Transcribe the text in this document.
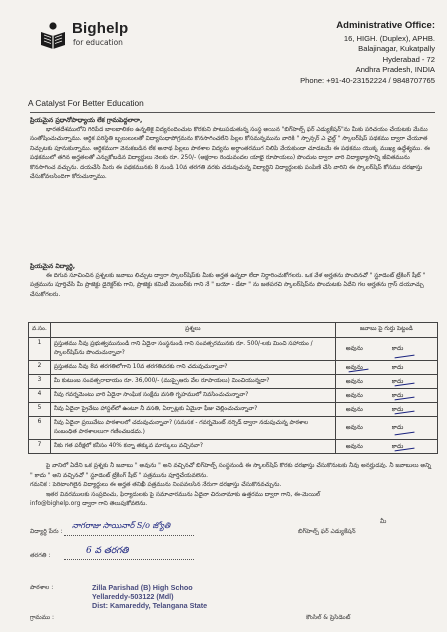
Bighelp
for education
A Catalyst For Better Education
Administrative Office:
16, HIGH. (Duplex), APHB.
Balajinagar, Kukatpally
Hyderabad - 72
Andhra Pradesh, INDIA
Phone: +91-40-23152224 / 9848707765
ప్రియమైన ప్రధానోపాధ్యాయ లేక గ్రామపెద్దలారా,
భారతదేశములోని గిరిపేద బాలబాలికల ఉన్నతికై విద్యనందించుట కొరకుని పాటుపడుతున్న సంస్థ అయిన "బిగ్‌హెల్ప్ ఫర్ ఎడ్యుకేషన్"ను మీకు పరిచయం చేయటకు మేము సంతోషించుచున్నాము. ఆర్థిక పరిస్థితి బ్బలులులతో విద్యాసుధాపోగ్రమను కొనసాగించలేని పిల్లల కోసమన్నమును వారికి " స్పాన్సర్ ఎ చైల్డ్ " స్కాలర్‌షిప్ పథకము ద్వారా చేయూత నిచ్చుటకు పూనుకున్నాము. ఆర్థికముగా వెనుకబడిన లేక అనాథ పిల్లలు పాఠశాల విద్యను అర్ధాంతరముగ నిలిపి వేయకుండా చూడటమే ఈ పథకము యొక్క ముఖ్య ఉద్దేశ్యము. ఈ పథకములో తగిన అర్హతలతో ఎన్నుకోబడిన విద్యార్థులు నెలకు రూ. 250/- (అక్షరాల రెండువందల యాభై రూపాయలు) పొందుట ద్వారా వారి విద్యాభ్యాసాన్ని జీవితమును కొనసాగించ వచ్చును. దయచేసి మీరు ఈ పథకమునకు 8 నుండి 10వ తరగతి వరకు చదువుచున్న విద్యార్థిని విద్యార్థులకు పంపిణి చేసి వారిని ఈ స్కాలర్‌షిప్ కోసము దరఖాస్తు చేసుకోవలసిందిగా కోరుచున్నాము.
ప్రియమైన విద్యార్థి,
ఈ దిగువ సూచించిన ప్రశ్నలకు జవాబు లిచ్చుట ద్వారా స్కాలర్‌షిప్‌కు మీకు అర్హత ఉన్నదా లేదా నిర్ధారించుకోగలరు. ఒక వేళ అర్హతను పొందినచో " స్టూడెంట్ ట్రేకింగ్ షీట్ " పత్రమును పూర్తిచేసి మీ ప్రాజెక్టు డైరెక్టర్‌కు గాని, ప్రాజెక్టు కమిటీ మెంబర్‌కు గాని నే " బయో - డేటా " ను జతపరచి స్కాలర్‌షిప్‌ను పొందుటకు ఏదేని గల అర్హతను గ్రాస్ దయూచ్చు చేసుకోగలరు.
వ.సం.	ప్రశ్నలు	జవాబు పై గుర్తు పెట్టండి
1	ప్రస్తుతము నీవు ప్రభుత్వమునుండి గాని ఏదైనా సంస్థనుండి గాని సంవత్సరమునకు రూ. 500/-లకు మించి సహాయం / స్కాలర్‌షిప్‌ను పొందుచున్నావా?	అవును కాదు

2	ప్రస్తుతము నీవు 8వ తరగతిలోగాని 10వ తరగతివరకు గాని చదువుచున్నావా?	అవును కాదు

3	మీ కుటుంబ సంవత్సరాదాయం రూ. 36,000/- (ముప్పైఆరు వేల రూపాయలు) మించియున్నదా?	అవును కాదు

4	నీవు గవర్నమెంటు వారి ఏదైనా సాంఘిక సంక్షేమ వసతి గృహములో నివసించుచున్నావా?	అవును కాదు

5	నీవు ఏదైనా ప్రైవేటు హాస్టల్‌లో ఉంటూ నీ వసతి, ఏర్పాట్లకు ఏమైనా ఫీజు చెల్లించుచున్నావా?	అవును కాదు

6	నీవు ఏదైనా ప్రయివేటు పాఠశాలలో చదువుచున్నావా? (సమసక - గవర్నమెంట్ నర్సెడ్‌ ద్వారా నడుపుచున్న పాఠశాల సంబంధిత పాఠశాలలుగా గణించబడదు.)	అవును కాదు

7	నీకు గత పరీక్షలో కనీసం 40% కన్నా తక్కువ మార్కులు వచ్చినవా?	అవును కాదు
పై వానిలో ఏదేని ఒక ప్రశ్నకు నీ జవాబు " అవును " అని వచ్చినచో బిగ్‌హెల్ప్ సంస్థనుండి ఈ స్కాలర్‌షిప్ కొరకు దరఖాస్తు చేసుకొనుటకు నీవు అనర్హుడవు. నీ జవాబులు అన్ని " కాదు " అని వచ్చినచో " స్టూడెంట్ ట్రేకింగ్ షీట్ " పత్రమును పూర్తిచేయవలెను.
గమనిక : పెరిటాంగిలైన విద్యార్థులు ఈ అర్హత తనిఖీ పత్రమును నింపవలసిన నేరుగా దరఖాస్తు చేసుకొనవచ్చును.
ఇతర వివరములకు సంప్రదించు, ఫిర్యాదులకు పై సమాచారమును ఏదైనా చిరునామాకు ఉత్తరము ద్వారా గాని, ఈ-మెయిల్
info@bighelp.org ద్వారా గాని తెలుపుకోవలెను.
విద్యార్థి పేరు :
నాగరాజు సాయినార్ S/o జ్యోతి
తరగతి :	6 వ తరగతి
పాఠశాల :
గ్రామము :
Zilla Parishad (B) High Schoo
Yellareddy-503122 (Mdl)
Dist: Kamareddy, Telangana State
మీ
బిగ్‌హెల్ప్ ఫర్ ఎడ్యుకేషన్
కౌంసిల్ & ప్రెసిడెంట్
